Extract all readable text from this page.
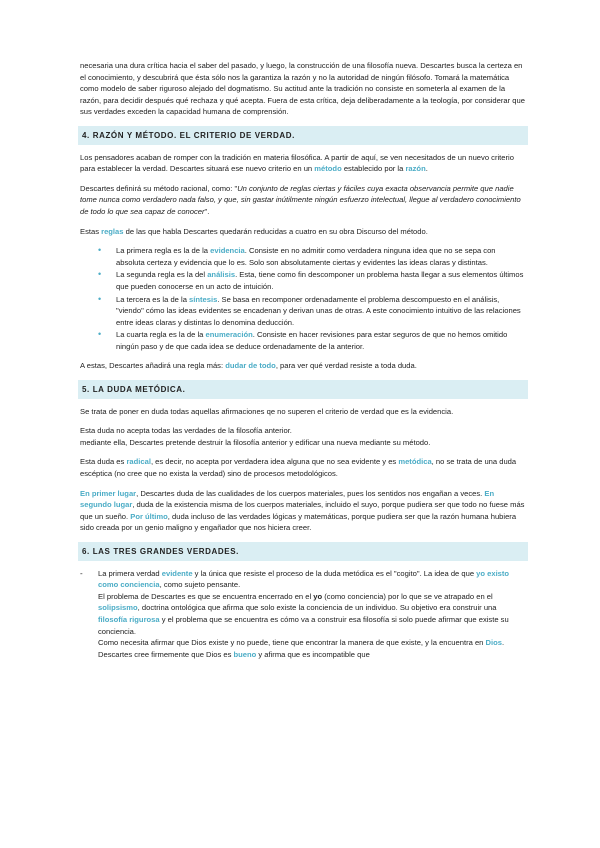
necesaria una dura crítica hacia el saber del pasado, y luego, la construcción de una filosofía nueva. Descartes busca la certeza en el conocimiento, y descubrirá que ésta sólo nos la garantiza la razón y no la autoridad de ningún filósofo. Tomará la matemática como modelo de saber riguroso alejado del dogmatismo. Su actitud ante la tradición no consiste en someterla al examen de la razón, para decidir después qué rechaza y qué acepta. Fuera de esta crítica, deja deliberadamente a la teología, por considerar que sus verdades exceden la capacidad humana de comprensión.

4. RAZÓN Y MÉTODO. EL CRITERIO DE VERDAD.

Los pensadores acaban de romper con la tradición en materia filosófica. A partir de aquí, se ven necesitados de un nuevo criterio para establecer la verdad. Descartes situará ese nuevo criterio en un método establecido por la razón.

Descartes definirá su método racional, como: "Un conjunto de reglas ciertas y fáciles cuya exacta observancia permite que nadie tome nunca como verdadero nada falso, y que, sin gastar inútilmente ningún esfuerzo intelectual, llegue al verdadero conocimiento de todo lo que sea capaz de conocer".

Estas reglas de las que habla Descartes quedarán reducidas a cuatro en su obra Discurso del método.

• La primera regla es la de la evidencia. Consiste en no admitir como verdadera ninguna idea que no se sepa con absoluta certeza y evidencia que lo es. Solo son absolutamente ciertas y evidentes las ideas claras y distintas.
• La segunda regla es la del análisis. Esta, tiene como fin descomponer un problema hasta llegar a sus elementos últimos que pueden conocerse en un acto de intuición.
• La tercera es la de la síntesis. Se basa en recomponer ordenadamente el problema descompuesto en el análisis, "viendo" cómo las ideas evidentes se encadenan y derivan unas de otras. A este conocimiento intuitivo de las relaciones entre ideas claras y distintas lo denomina deducción.
• La cuarta regla es la de la enumeración. Consiste en hacer revisiones para estar seguros de que no hemos omitido ningún paso y de que cada idea se deduce ordenadamente de la anterior.

A estas, Descartes añadirá una regla más: dudar de todo, para ver qué verdad resiste a toda duda.

5. LA DUDA METÓDICA.

Se trata de poner en duda todas aquellas afirmaciones qe no superen el criterio de verdad que es la evidencia.

Esta duda no acepta todas las verdades de la filosofía anterior.
mediante ella, Descartes pretende destruir la filosofía anterior y edificar una nueva mediante su método.

Esta duda es radical, es decir, no acepta por verdadera idea alguna que no sea evidente y es metódica, no se trata de una duda escéptica (no cree que no exista la verdad) sino de procesos metodológicos.

En primer lugar, Descartes duda de las cualidades de los cuerpos materiales, pues los sentidos nos engañan a veces. En segundo lugar, duda de la existencia misma de los cuerpos materiales, incluido el suyo, porque pudiera ser que todo no fuese más que un sueño. Por último, duda incluso de las verdades lógicas y matemáticas, porque pudiera ser que la razón humana hubiera sido creada por un genio maligno y engañador que nos hiciera creer.

6. LAS TRES GRANDES VERDADES.
- La primera verdad evidente y la única que resiste el proceso de la duda metódica es el "cogito". La idea de que yo existo como conciencia, como sujeto pensante.
El problema de Descartes es que se encuentra encerrado en el yo (como conciencia) por lo que se ve atrapado en el solipsismo, doctrina ontológica que afirma que solo existe la conciencia de un individuo. Su objetivo era construir una filosofía rigurosa y el problema que se encuentra es cómo va a construir esa filosofía si solo puede afirmar que existe su conciencia.
Como necesita afirmar que Dios existe y no puede, tiene que encontrar la manera de que existe, y la encuentra en Dios. Descartes cree firmemente que Dios es bueno y afirma que es incompatible que
